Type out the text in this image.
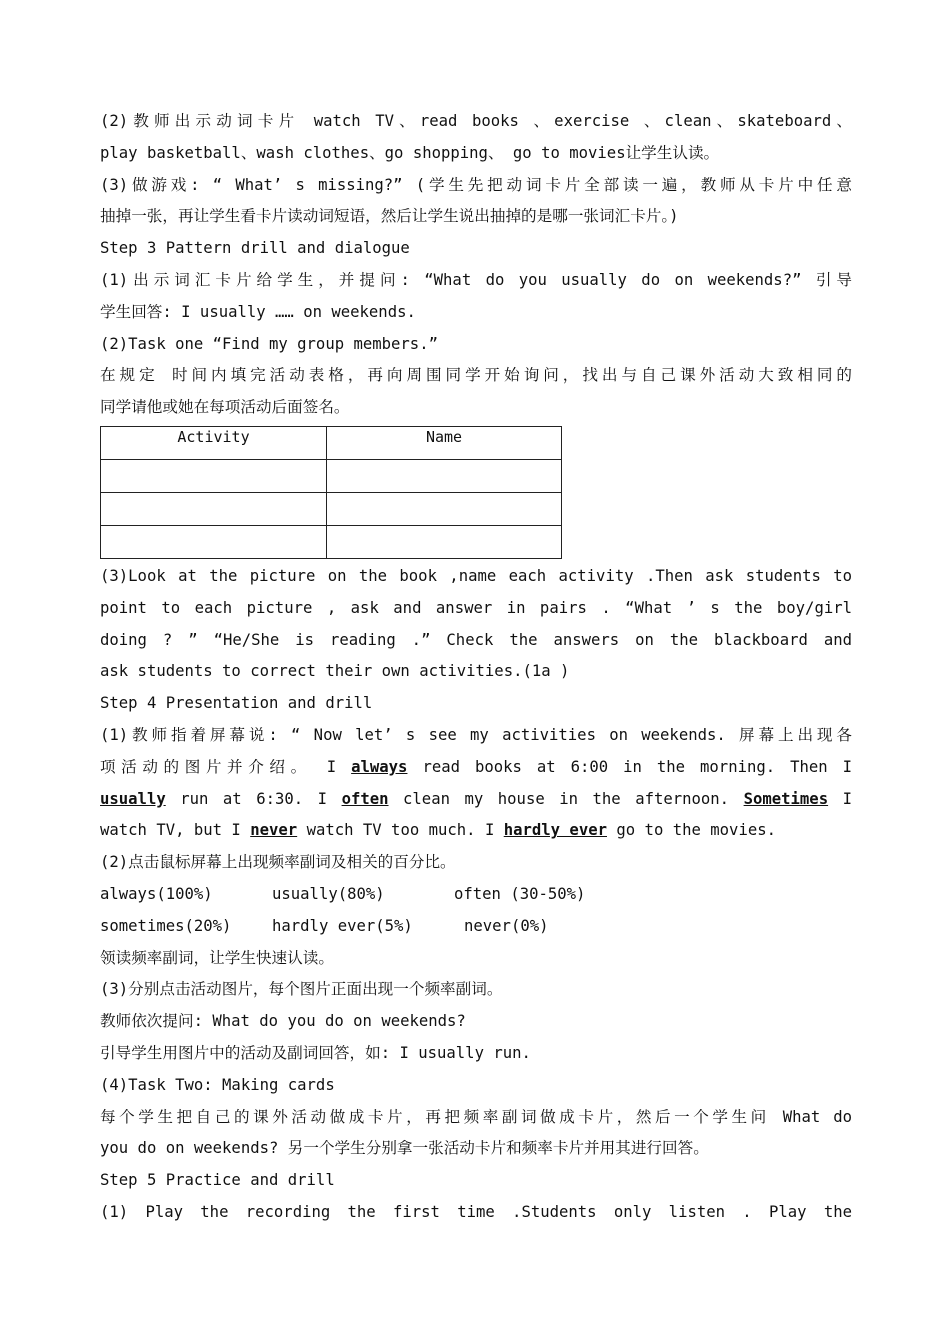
(2)教师出示动词卡片 watch TV、read books 、exercise 、clean、skateboard、
play basketball、wash clothes、go shopping、 go to movies让学生认读。
(3)做游戏: “ What’ s missing?” (学生先把动词卡片全部读一遍，教师从卡片中任意
抽掉一张，再让学生看卡片读动词短语，然后让学生说出抽掉的是哪一张词汇卡片。)
Step 3 Pattern drill and dialogue
(1)出示词汇卡片给学生，并提问: “What do you usually do on weekends?” 引导
学生回答: I usually …… on weekends.
(2)Task one “Find my group members.”
在规定 时间内填完活动表格，再向周围同学开始询问，找出与自己课外活动大致相同的
同学请他或她在每项活动后面签名。
Activity	Name

(3)Look at the picture on the book ,name each activity .Then ask students to
point to each picture , ask and answer in pairs . “What ’ s the boy/girl
doing ? ” “He/She is reading .” Check the answers on the blackboard and
ask students to correct their own activities.(1a )
Step 4 Presentation and drill
(1)教师指着屏幕说: “ Now let’ s see my activities on weekends. 屏幕上出现各
项活动的图片并介绍。 I always read books at 6:00 in the morning. Then I
usually run at 6:30. I often clean my house in the afternoon. Sometimes I
watch TV, but I never watch TV too much. I hardly ever go to the movies.
(2)点击鼠标屏幕上出现频率副词及相关的百分比。
always(100%)	usually(80%)	often (30-50%)
sometimes(20%)	hardly ever(5%)	never(0%)
领读频率副词，让学生快速认读。
(3)分别点击活动图片，每个图片正面出现一个频率副词。
教师依次提问: What do you do on weekends?
引导学生用图片中的活动及副词回答，如: I usually run.
(4)Task Two: Making cards
每个学生把自己的课外活动做成卡片，再把频率副词做成卡片，然后一个学生问 What do
you do on weekends? 另一个学生分别拿一张活动卡片和频率卡片并用其进行回答。
Step 5 Practice and drill
(1) Play the recording the first time .Students only listen . Play the
